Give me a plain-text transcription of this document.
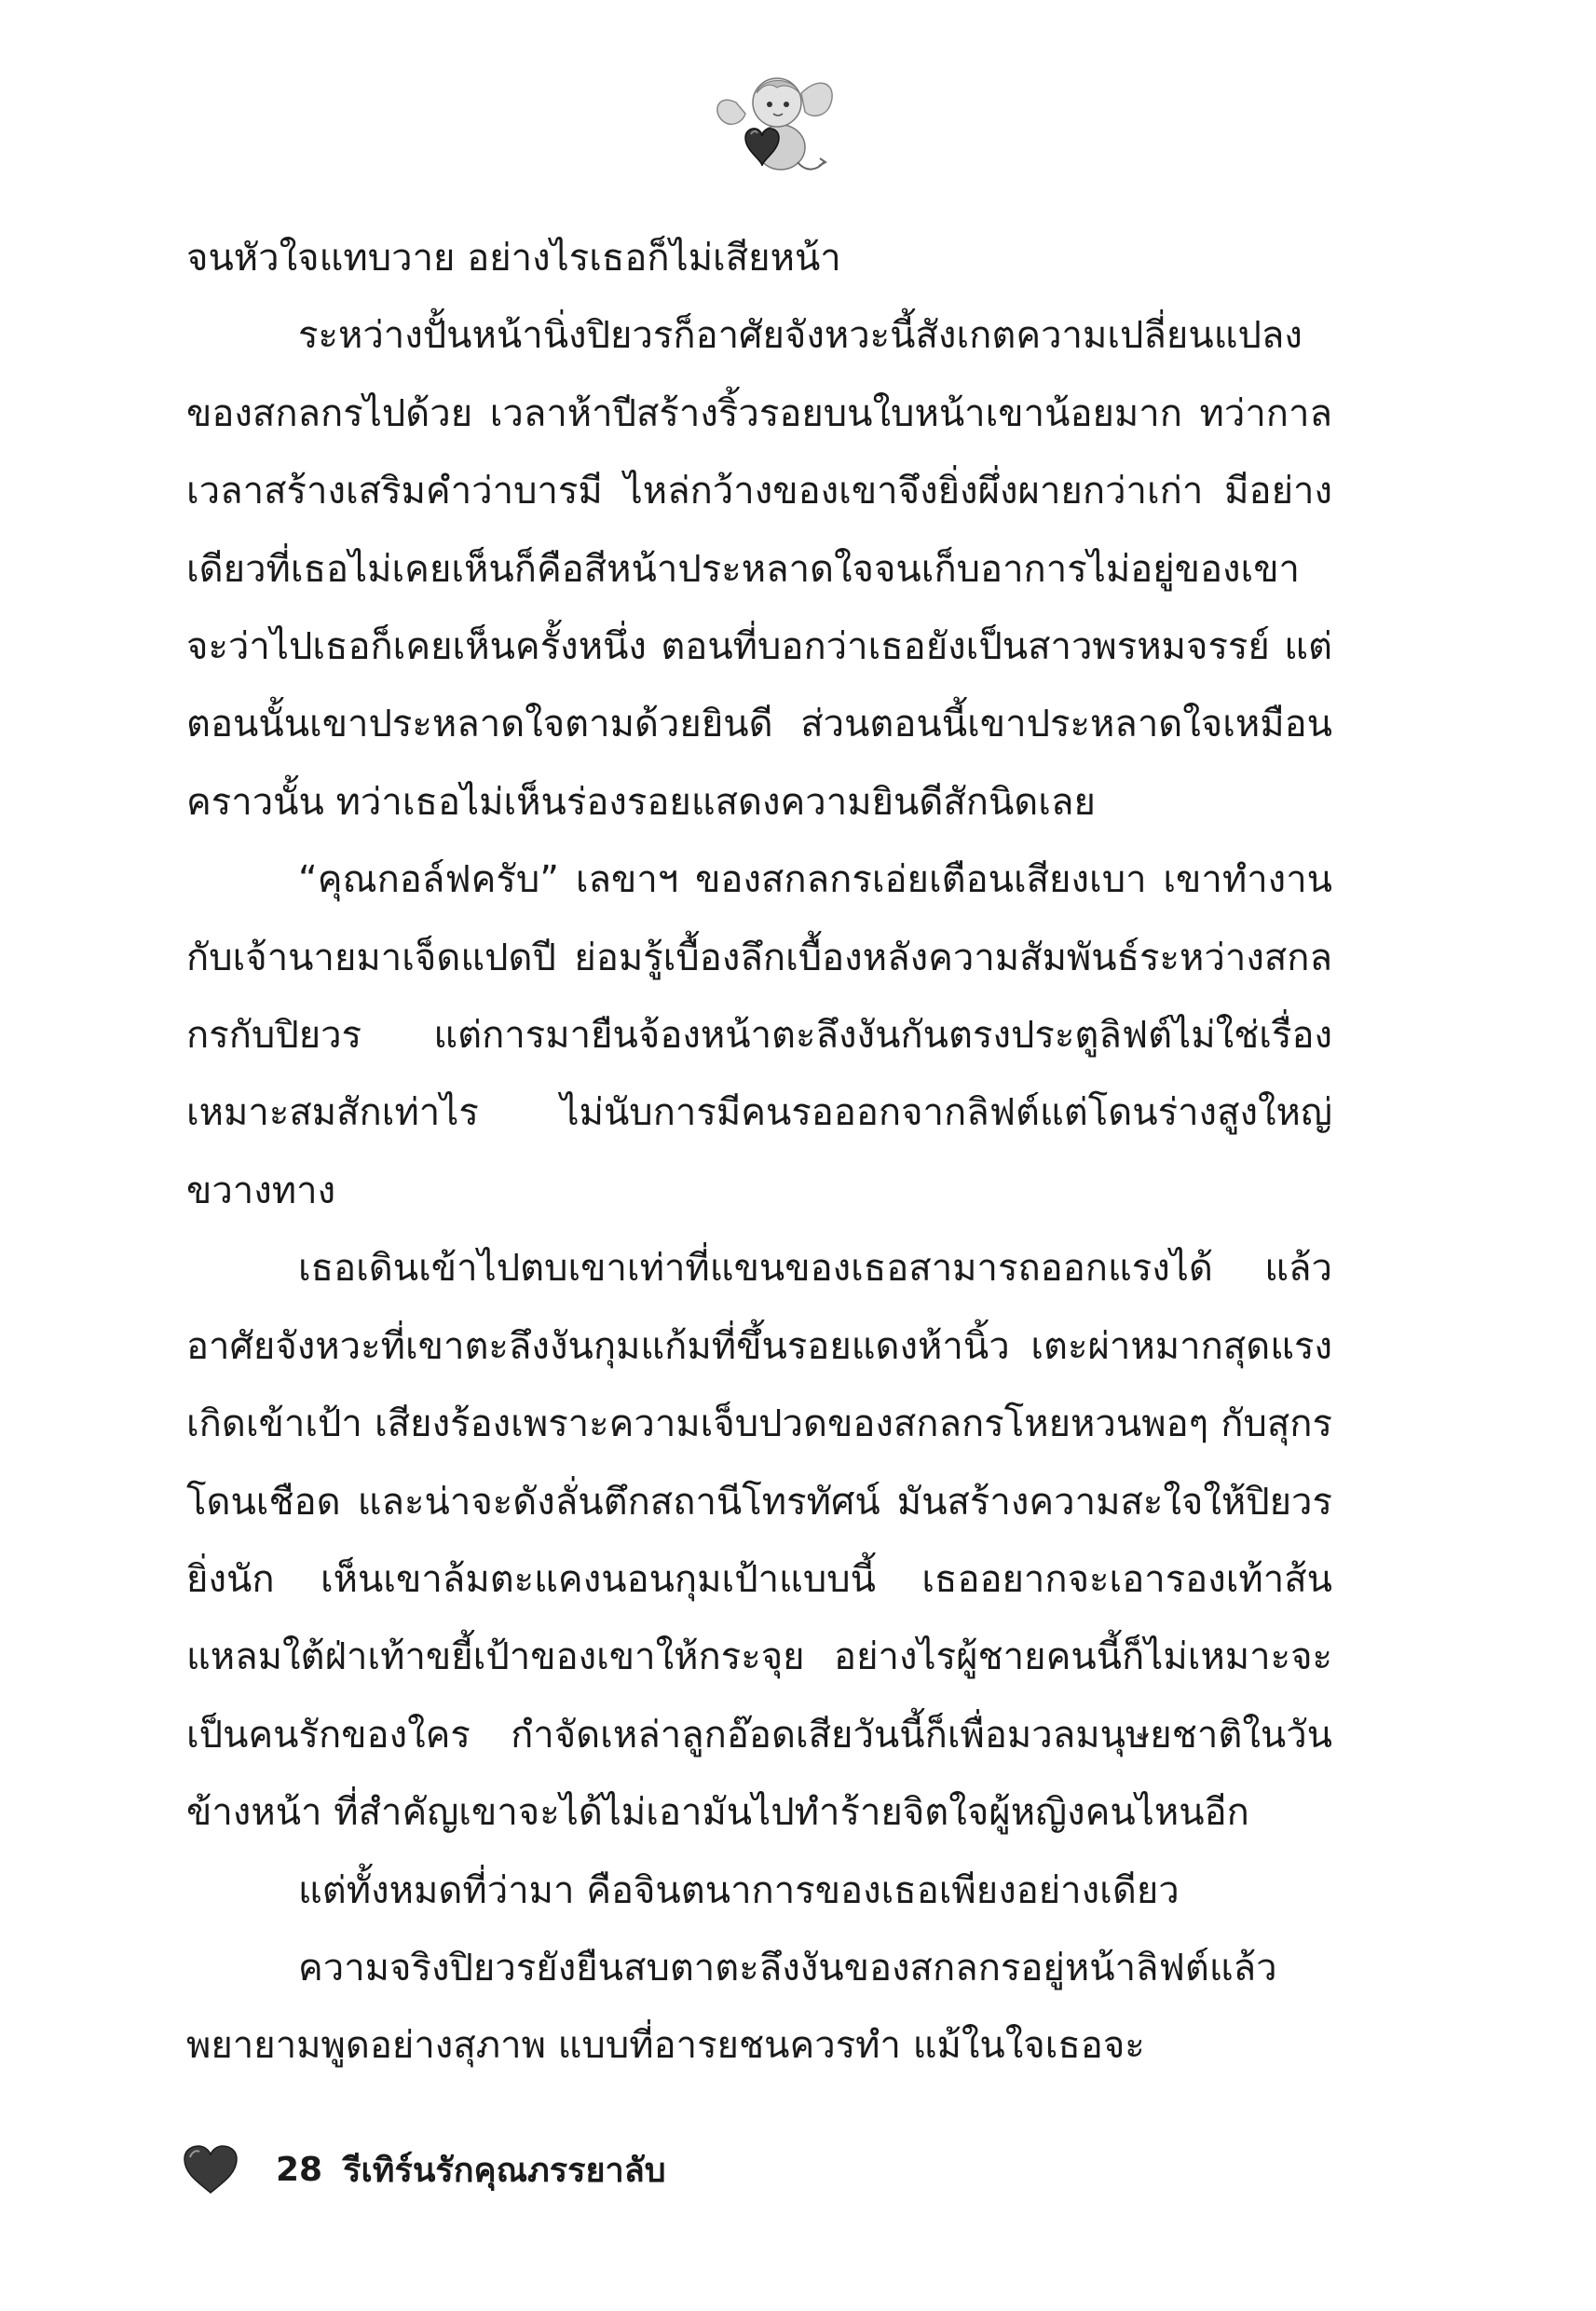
จนหัวใจแทบวาย อย่างไรเธอก็ไม่เสียหน้า

ระหว่างปั้นหน้านิ่งปิยวรก็อาศัยจังหวะนี้สังเกตความเปลี่ยนแปลงของสกลกรไปด้วย เวลาห้าปีสร้างริ้วรอยบนใบหน้าเขาน้อยมาก ทว่ากาลเวลาสร้างเสริมคำว่าบารมี ไหล่กว้างของเขาจึงยิ่งผึ่งผายกว่าเก่า มีอย่างเดียวที่เธอไม่เคยเห็นก็คือสีหน้าประหลาดใจจนเก็บอาการไม่อยู่ของเขา จะว่าไปเธอก็เคยเห็นครั้งหนึ่ง ตอนที่บอกว่าเธอยังเป็นสาวพรหมจรรย์ แต่ตอนนั้นเขาประหลาดใจตามด้วยยินดี ส่วนตอนนี้เขาประหลาดใจเหมือนคราวนั้น ทว่าเธอไม่เห็นร่องรอยแสดงความยินดีสักนิดเลย

“คุณกอล์ฟครับ” เลขาฯ ของสกลกรเอ่ยเตือนเสียงเบา เขาทำงานกับเจ้านายมาเจ็ดแปดปี ย่อมรู้เบื้องลึกเบื้องหลังความสัมพันธ์ระหว่างสกลกรกับปิยวร แต่การมายืนจ้องหน้าตะลึงงันกันตรงประตูลิฟต์ไม่ใช่เรื่องเหมาะสมสักเท่าไร ไม่นับการมีคนรอออกจากลิฟต์แต่โดนร่างสูงใหญ่ขวางทาง

เธอเดินเข้าไปตบเขาเท่าที่แขนของเธอสามารถออกแรงได้ แล้วอาศัยจังหวะที่เขาตะลึงงันกุมแก้มที่ขึ้นรอยแดงห้านิ้ว เตะผ่าหมากสุดแรงเกิดเข้าเป้า เสียงร้องเพราะความเจ็บปวดของสกลกรโหยหวนพอๆ กับสุกรโดนเชือด และน่าจะดังลั่นตึกสถานีโทรทัศน์ มันสร้างความสะใจให้ปิยวรยิ่งนัก เห็นเขาล้มตะแคงนอนกุมเป้าแบบนี้ เธออยากจะเอารองเท้าส้นแหลมใต้ฝ่าเท้าขยี้เป้าของเขาให้กระจุย อย่างไรผู้ชายคนนี้ก็ไม่เหมาะจะเป็นคนรักของใคร กำจัดเหล่าลูกอ๊อดเสียวันนี้ก็เพื่อมวลมนุษยชาติในวันข้างหน้า ที่สำคัญเขาจะได้ไม่เอามันไปทำร้ายจิตใจผู้หญิงคนไหนอีก

แต่ทั้งหมดที่ว่ามา คือจินตนาการของเธอเพียงอย่างเดียว

ความจริงปิยวรยังยืนสบตาตะลึงงันของสกลกรอยู่หน้าลิฟต์แล้วพยายามพูดอย่างสุภาพ แบบที่อารยชนควรทำ แม้ในใจเธอจะ

28 รีเทิร์นรักคุณภรรยาลับ
